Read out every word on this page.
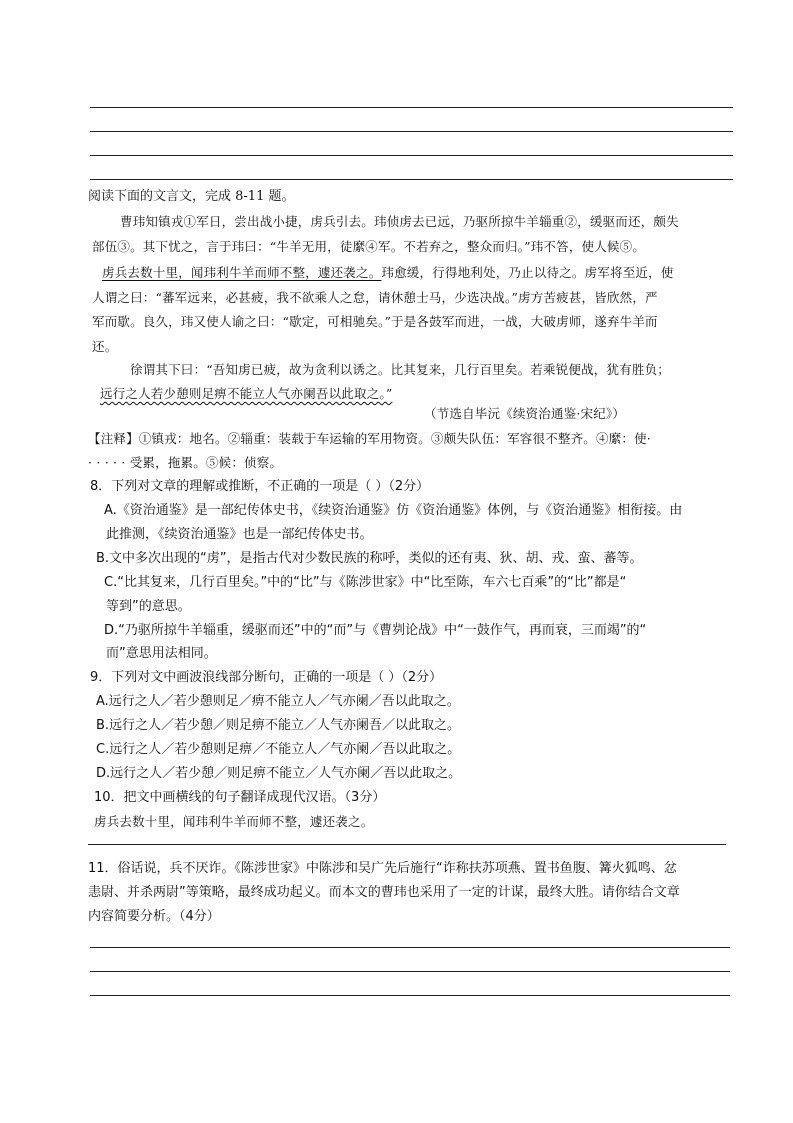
阅读下面的文言文，完成 8-11 题。
曹玮知镇戎①军日，尝出战小捷，虏兵引去。玮侦虏去已远，乃驱所掠牛羊辎重②，缓驱而还，颇失
部伍③。其下忧之，言于玮曰：“牛羊无用，徒縻④军。不若弃之，整众而归。”玮不答，使人候⑤。
虏兵去数十里，闻玮利牛羊而师不整，遽还袭之。玮愈缓，行得地利处，乃止以待之。虏军将至近，使
人谓之曰：“蕃军远来，必甚疲，我不欲乘人之怠，请休憩士马，少选决战。”虏方苦疲甚，皆欣然，严
军而歇。良久，玮又使人谕之曰：“歇定，可相驰矣。”于是各鼓军而进，一战，大破虏师，遂弃牛羊而
还。
徐谓其下曰：“吾知虏已疲，故为贪利以诱之。比其复来，几行百里矣。若乘锐便战，犹有胜负；
远行之人若少憩则足痹不能立人气亦阑吾以此取之。”
（节选自毕沅《续资治通鉴·宋纪》）
【注释】①镇戎：地名。②辎重：装载于车运输的军用物资。③颇失队伍：军容很不整齐。④縻：使·
· · · · · 受累，拖累。⑤候：侦察。
8．下列对文章的理解或推断，不正确的一项是（ ）（2分）
A.《资治通鉴》是一部纪传体史书，《续资治通鉴》仿《资治通鉴》体例，与《资治通鉴》相衔接。由
此推测，《续资治通鉴》也是一部纪传体史书。
B.文中多次出现的“虏”，是指古代对少数民族的称呼，类似的还有夷、狄、胡、戎、蛮、蕃等。
C.“比其复来，几行百里矣。”中的“比”与《陈涉世家》中“比至陈，车六七百乘”的“比”都是“
等到”的意思。
D.“乃驱所掠牛羊辎重，缓驱而还”中的“而”与《曹刿论战》中“一鼓作气，再而衰，三而竭”的“
而”意思用法相同。
9．下列对文中画波浪线部分断句，正确的一项是（ ）（2分）
A.远行之人／若少憩则足／痹不能立人／气亦阑／吾以此取之。
B.远行之人／若少憩／则足痹不能立／人气亦阑吾／以此取之。
C.远行之人／若少憩则足痹／不能立人／气亦阑／吾以此取之。
D.远行之人／若少憩／则足痹不能立／人气亦阑／吾以此取之。
10．把文中画横线的句子翻译成现代汉语。（3分）
虏兵去数十里，闻玮利牛羊而师不整，遽还袭之。
11．俗话说，兵不厌诈。《陈涉世家》中陈涉和吴广先后施行“诈称扶苏项燕、置书鱼腹、篝火狐鸣、忿
恚尉、并杀两尉”等策略，最终成功起义。而本文的曹玮也采用了一定的计谋，最终大胜。请你结合文章
内容简要分析。（4分）
